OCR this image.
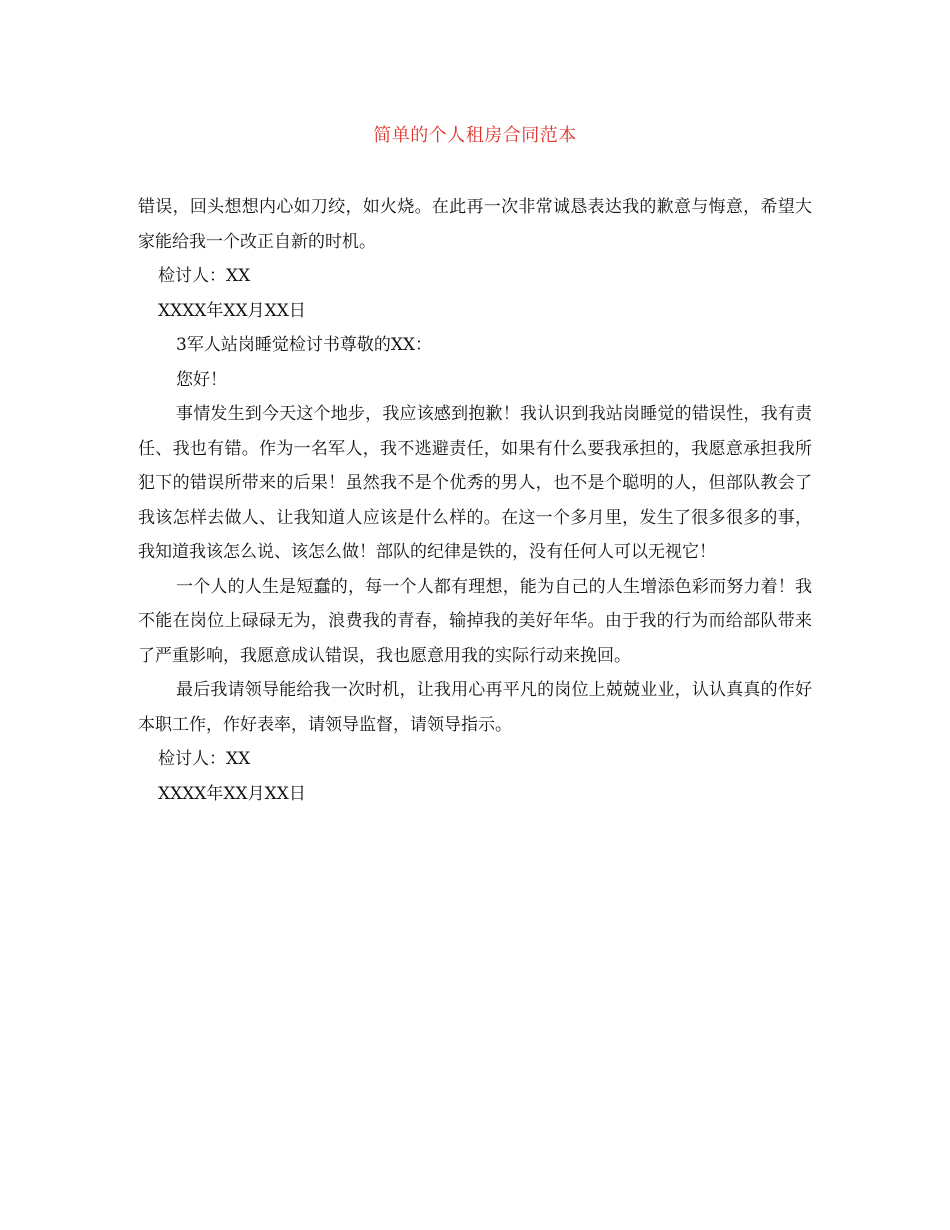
简单的个人租房合同范本

错误，回头想想内心如刀绞，如火烧。在此再一次非常诚恳表达我的歉意与悔意，希望大家能给我一个改正自新的时机。

检讨人：XX

XXXX年XX月XX日

3军人站岗睡觉检讨书尊敬的XX：

您好！

事情发生到今天这个地步，我应该感到抱歉！我认识到我站岗睡觉的错误性，我有责任、我也有错。作为一名军人，我不逃避责任，如果有什么要我承担的，我愿意承担我所犯下的错误所带来的后果！虽然我不是个优秀的男人，也不是个聪明的人，但部队教会了我该怎样去做人、让我知道人应该是什么样的。在这一个多月里，发生了很多很多的事，我知道我该怎么说、该怎么做！部队的纪律是铁的，没有任何人可以无视它！

一个人的人生是短蠢的，每一个人都有理想，能为自己的人生增添色彩而努力着！我不能在岗位上碌碌无为，浪费我的青春，输掉我的美好年华。由于我的行为而给部队带来了严重影响，我愿意成认错误，我也愿意用我的实际行动来挽回。

最后我请领导能给我一次时机，让我用心再平凡的岗位上兢兢业业，认认真真的作好本职工作，作好表率，请领导监督，请领导指示。

检讨人：XX

XXXX年XX月XX日
